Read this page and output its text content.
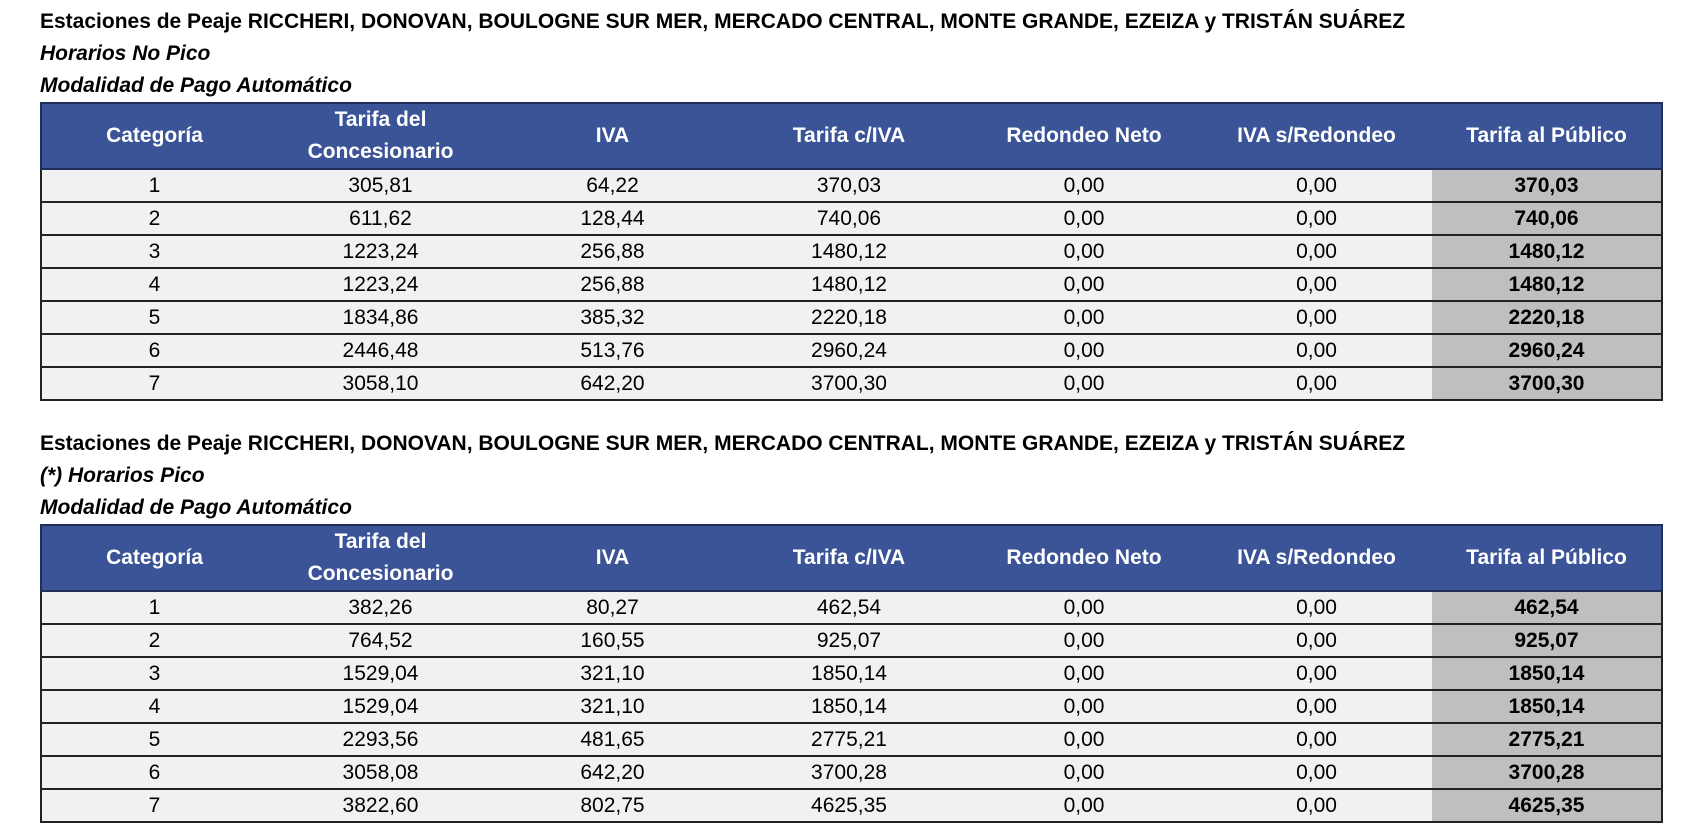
Estaciones de Peaje RICCHERI, DONOVAN, BOULOGNE SUR MER, MERCADO CENTRAL, MONTE GRANDE, EZEIZA y TRISTÁN SUÁREZ
Horarios No Pico
Modalidad de Pago Automático
Categoría	Tarifa del Concesionario	IVA	Tarifa c/IVA	Redondeo Neto	IVA s/Redondeo	Tarifa al Público
1	305,81	64,22	370,03	0,00	0,00	370,03
2	611,62	128,44	740,06	0,00	0,00	740,06
3	1223,24	256,88	1480,12	0,00	0,00	1480,12
4	1223,24	256,88	1480,12	0,00	0,00	1480,12
5	1834,86	385,32	2220,18	0,00	0,00	2220,18
6	2446,48	513,76	2960,24	0,00	0,00	2960,24
7	3058,10	642,20	3700,30	0,00	0,00	3700,30
Estaciones de Peaje RICCHERI, DONOVAN, BOULOGNE SUR MER, MERCADO CENTRAL, MONTE GRANDE, EZEIZA y TRISTÁN SUÁREZ
(*) Horarios Pico
Modalidad de Pago Automático
Categoría	Tarifa del Concesionario	IVA	Tarifa c/IVA	Redondeo Neto	IVA s/Redondeo	Tarifa al Público
1	382,26	80,27	462,54	0,00	0,00	462,54
2	764,52	160,55	925,07	0,00	0,00	925,07
3	1529,04	321,10	1850,14	0,00	0,00	1850,14
4	1529,04	321,10	1850,14	0,00	0,00	1850,14
5	2293,56	481,65	2775,21	0,00	0,00	2775,21
6	3058,08	642,20	3700,28	0,00	0,00	3700,28
7	3822,60	802,75	4625,35	0,00	0,00	4625,35
